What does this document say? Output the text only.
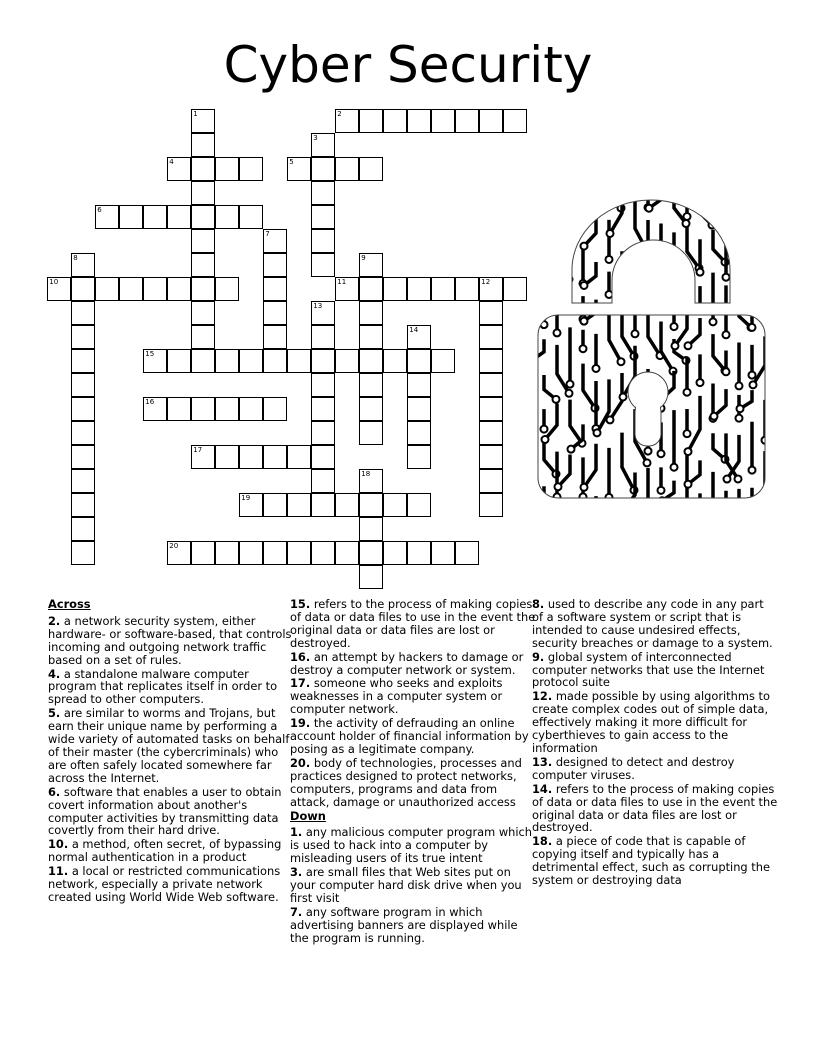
Cyber Security
1	2
3
4	5
6
7
8	9
10	11	12
13
14
15
16
17
18
19
20
Across
2. a network security system, either hardware- or software-based, that controls incoming and outgoing network traffic based on a set of rules.
4. a standalone malware computer program that replicates itself in order to spread to other computers.
5. are similar to worms and Trojans, but earn their unique name by performing a wide variety of automated tasks on behalf of their master (the cybercriminals) who are often safely located somewhere far across the Internet.
6. software that enables a user to obtain covert information about another's computer activities by transmitting data covertly from their hard drive.
10. a method, often secret, of bypassing normal authentication in a product
11. a local or restricted communications network, especially a private network created using World Wide Web software.
15. refers to the process of making copies of data or data files to use in the event the original data or data files are lost or destroyed.
16. an attempt by hackers to damage or destroy a computer network or system.
17. someone who seeks and exploits weaknesses in a computer system or computer network.
19. the activity of defrauding an online account holder of financial information by posing as a legitimate company.
20. body of technologies, processes and practices designed to protect networks, computers, programs and data from attack, damage or unauthorized access
Down
1. any malicious computer program which is used to hack into a computer by misleading users of its true intent
3. are small files that Web sites put on your computer hard disk drive when you first visit
7. any software program in which advertising banners are displayed while the program is running.
8. used to describe any code in any part of a software system or script that is intended to cause undesired effects, security breaches or damage to a system.
9. global system of interconnected computer networks that use the Internet protocol suite
12. made possible by using algorithms to create complex codes out of simple data, effectively making it more difficult for cyberthieves to gain access to the information
13. designed to detect and destroy computer viruses.
14. refers to the process of making copies of data or data files to use in the event the original data or data files are lost or destroyed.
18. a piece of code that is capable of copying itself and typically has a detrimental effect, such as corrupting the system or destroying data
